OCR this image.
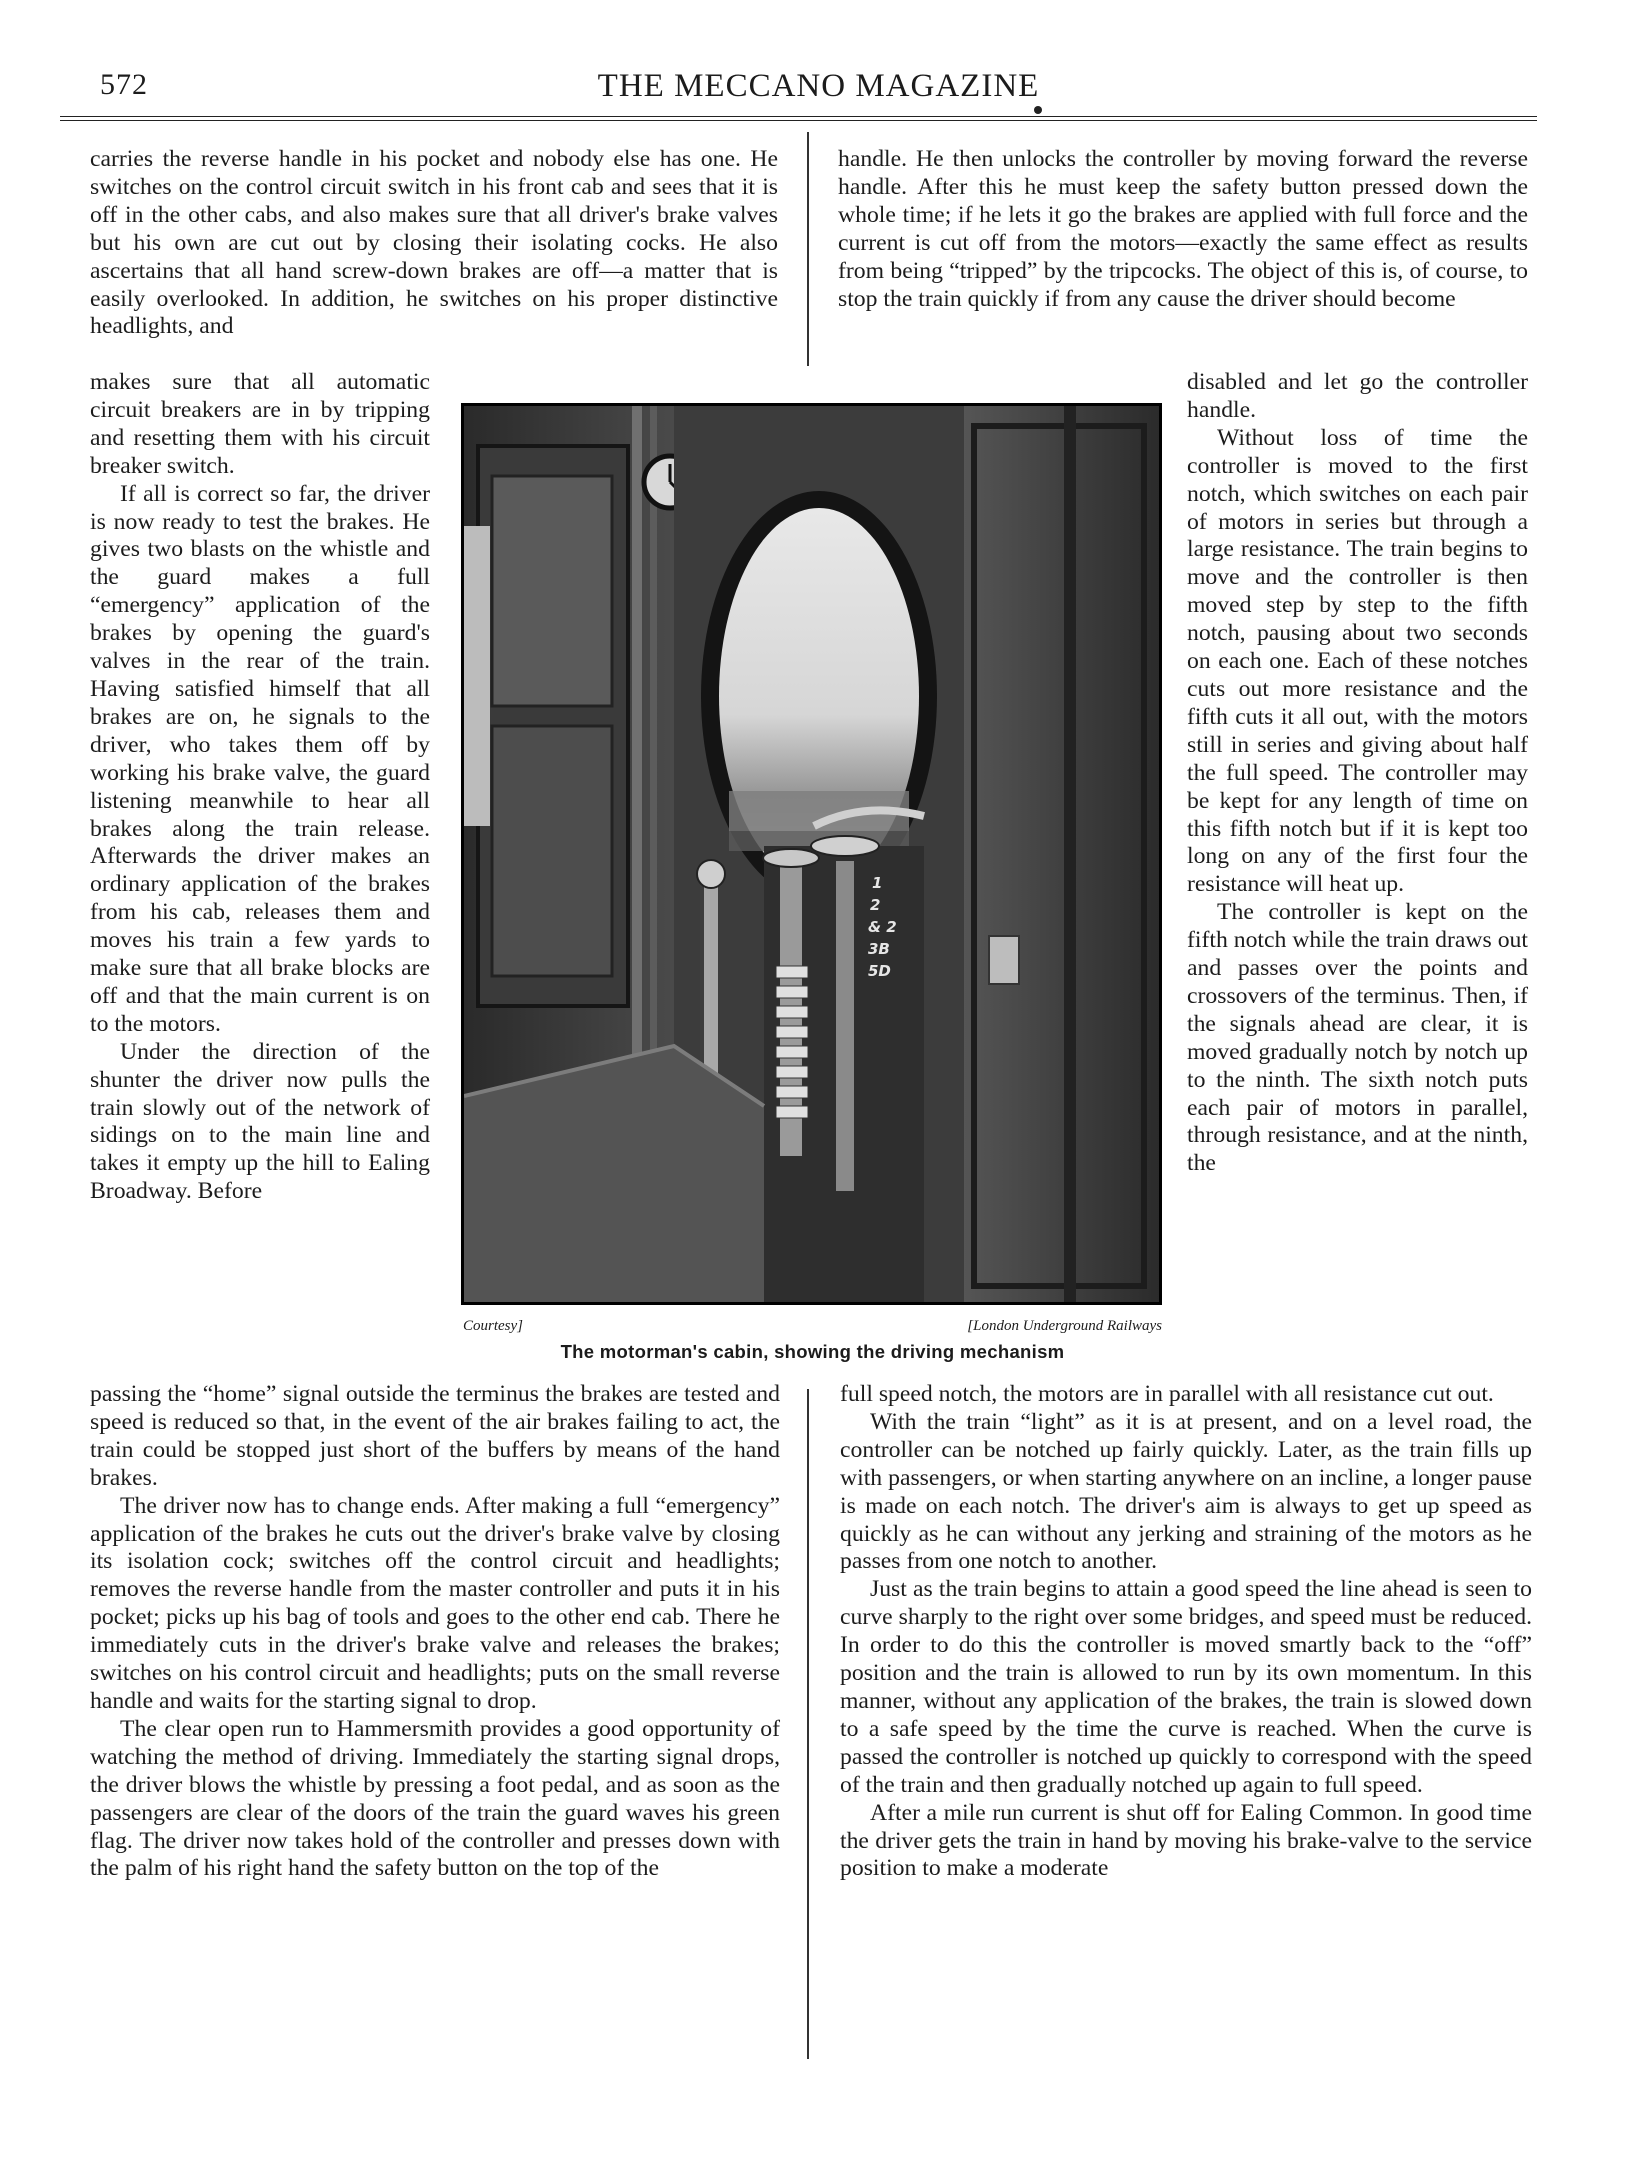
572	THE MECCANO MAGAZINE

carries the reverse handle in his pocket and nobody else has one. He switches on the control circuit switch in his front cab and sees that it is off in the other cabs, and also makes sure that all driver's brake valves but his own are cut out by closing their isolating cocks. He also ascertains that all hand screw-down brakes are off—a matter that is easily overlooked. In addition, he switches on his proper distinctive headlights, and

makes sure that all automatic circuit breakers are in by tripping and resetting them with his circuit breaker switch.

If all is correct so far, the driver is now ready to test the brakes. He gives two blasts on the whistle and the guard makes a full “emergency” application of the brakes by opening the guard's valves in the rear of the train. Having satisfied himself that all brakes are on, he signals to the driver, who takes them off by working his brake valve, the guard listening meanwhile to hear all brakes along the train release. Afterwards the driver makes an ordinary application of the brakes from his cab, releases them and moves his train a few yards to make sure that all brake blocks are off and that the main current is on to the motors.

Under the direction of the shunter the driver now pulls the train slowly out of the network of sidings on to the main line and takes it empty up the hill to Ealing Broadway. Before

passing the “home” signal outside the terminus the brakes are tested and speed is reduced so that, in the event of the air brakes failing to act, the train could be stopped just short of the buffers by means of the hand brakes.

The driver now has to change ends. After making a full “emergency” application of the brakes he cuts out the driver's brake valve by closing its isolation cock; switches off the control circuit and headlights; removes the reverse handle from the master controller and puts it in his pocket; picks up his bag of tools and goes to the other end cab. There he immediately cuts in the driver's brake valve and releases the brakes; switches on his control circuit and headlights; puts on the small reverse handle and waits for the starting signal to drop.

The clear open run to Hammersmith provides a good opportunity of watching the method of driving. Immediately the starting signal drops, the driver blows the whistle by pressing a foot pedal, and as soon as the passengers are clear of the doors of the train the guard waves his green flag. The driver now takes hold of the controller and presses down with the palm of his right hand the safety button on the top of the

handle. He then unlocks the controller by moving forward the reverse handle. After this he must keep the safety button pressed down the whole time; if he lets it go the brakes are applied with full force and the current is cut off from the motors—exactly the same effect as results from being “tripped” by the tripcocks. The object of this is, of course, to stop the train quickly if from any cause the driver should become

disabled and let go the controller handle.

Without loss of time the controller is moved to the first notch, which switches on each pair of motors in series but through a large resistance. The train begins to move and the controller is then moved step by step to the fifth notch, pausing about two seconds on each one. Each of these notches cuts out more resistance and the fifth cuts it all out, with the motors still in series and giving about half the full speed. The controller may be kept for any length of time on this fifth notch but if it is kept too long on any of the first four the resistance will heat up.

The controller is kept on the fifth notch while the train draws out and passes over the points and crossovers of the terminus. Then, if the signals ahead are clear, it is moved gradually notch by notch up to the ninth. The sixth notch puts each pair of motors in parallel, through resistance, and at the ninth, the

full speed notch, the motors are in parallel with all resistance cut out.

With the train “light” as it is at present, and on a level road, the controller can be notched up fairly quickly. Later, as the train fills up with passengers, or when starting anywhere on an incline, a longer pause is made on each notch. The driver's aim is always to get up speed as quickly as he can without any jerking and straining of the motors as he passes from one notch to another.

Just as the train begins to attain a good speed the line ahead is seen to curve sharply to the right over some bridges, and speed must be reduced. In order to do this the controller is moved smartly back to the “off” position and the train is allowed to run by its own momentum. In this manner, without any application of the brakes, the train is slowed down to a safe speed by the time the curve is reached. When the curve is passed the controller is notched up quickly to correspond with the speed of the train and then gradually notched up again to full speed.

After a mile run current is shut off for Ealing Common. In good time the driver gets the train in hand by moving his brake-valve to the service position to make a moderate

1
2
& 2
3B
5D
Courtesy]	[London Underground Railways
The motorman's cabin, showing the driving mechanism
